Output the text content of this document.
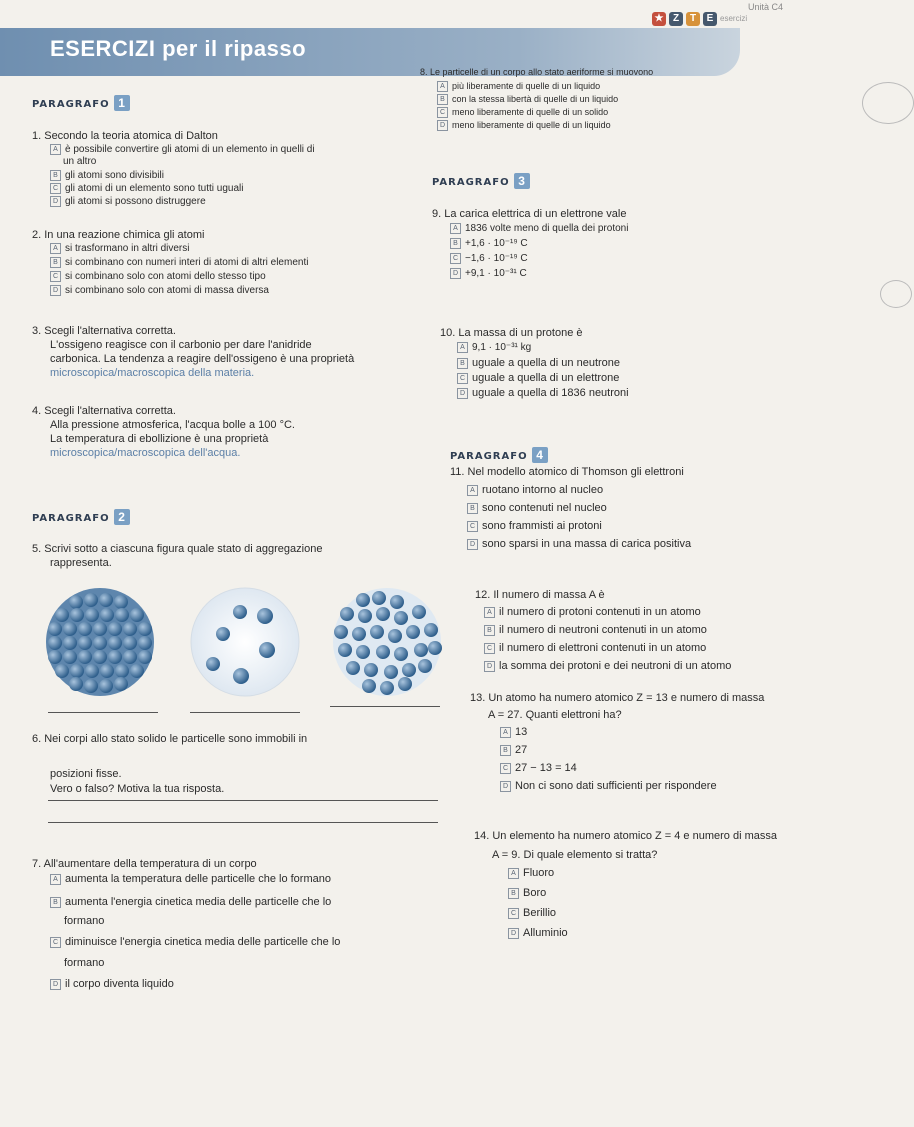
Unità C4
★ Z	T	E esercizi
ESERCIZI per il ripasso
PARAGRAFO 1
1. Secondo la teoria atomica di Dalton
A è possibile convertire gli atomi di un elemento in quelli di
un altro
B gli atomi sono divisibili
C gli atomi di un elemento sono tutti uguali
D gli atomi si possono distruggere
2. In una reazione chimica gli atomi
A si trasformano in altri diversi
B si combinano con numeri interi di atomi di altri elementi
C si combinano solo con atomi dello stesso tipo
D si combinano solo con atomi di massa diversa
3. Scegli l'alternativa corretta.
L'ossigeno reagisce con il carbonio per dare l'anidride
carbonica. La tendenza a reagire dell'ossigeno è una proprietà
microscopica/macroscopica della materia.
4. Scegli l'alternativa corretta.
Alla pressione atmosferica, l'acqua bolle a 100 °C.
La temperatura di ebollizione è una proprietà
microscopica/macroscopica dell'acqua.
PARAGRAFO 2
5. Scrivi sotto a ciascuna figura quale stato di aggregazione
rappresenta.
6. Nei corpi allo stato solido le particelle sono immobili in
posizioni fisse.
Vero o falso? Motiva la tua risposta.
7. All'aumentare della temperatura di un corpo
A aumenta la temperatura delle particelle che lo formano
B aumenta l'energia cinetica media delle particelle che lo
formano
C diminuisce l'energia cinetica media delle particelle che lo
formano
D il corpo diventa liquido
8. Le particelle di un corpo allo stato aeriforme si muovono
A più liberamente di quelle di un liquido
B con la stessa libertà di quelle di un liquido
C meno liberamente di quelle di un solido
D meno liberamente di quelle di un liquido
PARAGRAFO 3
9. La carica elettrica di un elettrone vale
A 1836 volte meno di quella dei protoni
B +1,6 · 10⁻¹⁹ C
C −1,6 · 10⁻¹⁹ C
D +9,1 · 10⁻³¹ C
10. La massa di un protone è
A 9,1 · 10⁻³¹ kg
B uguale a quella di un neutrone
C uguale a quella di un elettrone
D uguale a quella di 1836 neutroni
PARAGRAFO 4
11. Nel modello atomico di Thomson gli elettroni
A ruotano intorno al nucleo
B sono contenuti nel nucleo
C sono frammisti ai protoni
D sono sparsi in una massa di carica positiva
12. Il numero di massa A è
A il numero di protoni contenuti in un atomo
B il numero di neutroni contenuti in un atomo
C il numero di elettroni contenuti in un atomo
D la somma dei protoni e dei neutroni di un atomo
13. Un atomo ha numero atomico Z = 13 e numero di massa
A = 27. Quanti elettroni ha?
A 13
B 27
C 27 − 13 = 14
D Non ci sono dati sufficienti per rispondere
14. Un elemento ha numero atomico Z = 4 e numero di massa
A = 9. Di quale elemento si tratta?
A Fluoro
B Boro
C Berillio
D Alluminio
